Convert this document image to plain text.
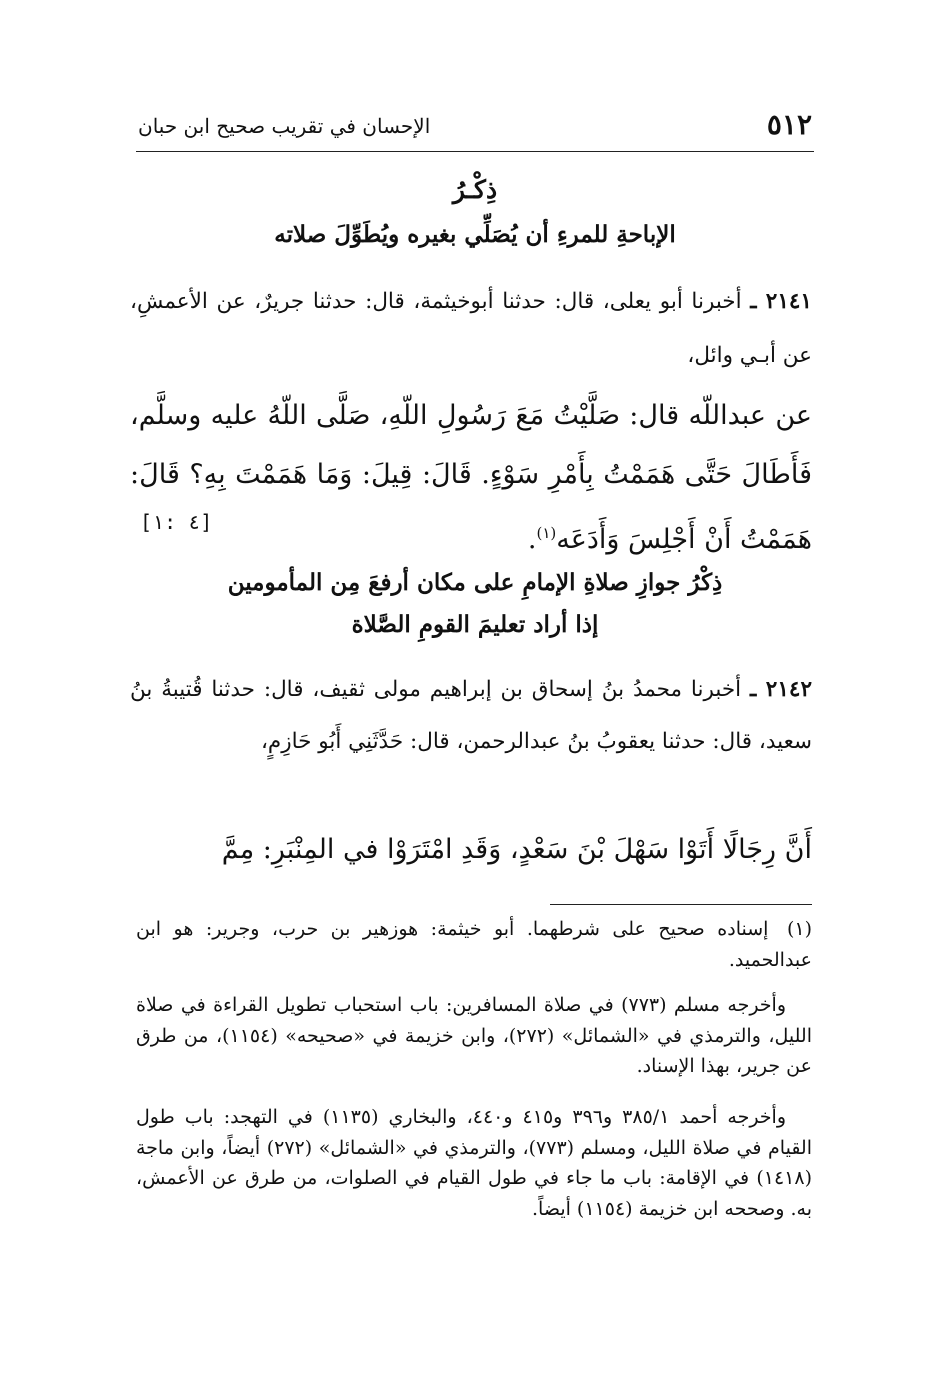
٥١٢
الإحسان في تقريب صحيح ابن حبان
ذِكْـرُ
الإباحةِ للمرءِ أن يُصَلِّي بغيره ويُطَوِّلَ صلاته
٢١٤١ ـ أخبرنا أبو يعلى، قال: حدثنا أبوخيثمة، قال: حدثنا جريرٌ، عن الأعمشِ، عن أبـي وائل،
عن عبداللّه قال: صَلَّيْتُ مَعَ رَسُولِ اللّهِ، صَلَّى اللّهُ عليه وسلَّم، فَأَطَالَ حَتَّى هَمَمْتُ بِأَمْرِ سَوْءٍ. قَالَ: قِيلَ: وَمَا هَمَمْتَ بِهِ؟ قَالَ: هَمَمْتُ أَنْ أَجْلِسَ وَأَدَعَه$^{(١)}$.
[٤ :١]
ذِكْرُ جوازِ صلاةِ الإمامِ على مكان أرفعَ مِن المأمومين
إذا أراد تعليمَ القومِ الصَّلاة
٢١٤٢ ـ أخبرنا محمدُ بنُ إسحاق بن إبراهيم مولى ثقيف، قال: حدثنا قُتيبةُ بنُ سعيد، قال: حدثنا يعقوبُ بنُ عبدالرحمن، قال: حَدَّثَنِي أَبُو حَازِمٍ،
أَنَّ رِجَالًا أَتَوْا سَهْلَ بْنَ سَعْدٍ، وَقَدِ امْتَرَوْا في المِنْبَرِ: مِمَّ
(١) إسناده صحيح على شرطهما. أبو خيثمة: هوزهير بن حرب، وجرير: هو ابن عبدالحميد.
وأخرجه مسلم (٧٧٣) في صلاة المسافرين: باب استحباب تطويل القراءة في صلاة الليل، والترمذي في «الشمائل» (٢٧٢)، وابن خزيمة في «صحيحه» (١١٥٤)، من طرق عن جرير، بهذا الإسناد.
وأخرجه أحمد ٣٨٥/١ و٣٩٦ و٤١٥ و٤٤٠، والبخاري (١١٣٥) في التهجد: باب طول القيام في صلاة الليل، ومسلم (٧٧٣)، والترمذي في «الشمائل» (٢٧٢) أيضاً، وابن ماجة (١٤١٨) في الإقامة: باب ما جاء في طول القيام في الصلوات، من طرق عن الأعمش، به. وصححه ابن خزيمة (١١٥٤) أيضاً.
